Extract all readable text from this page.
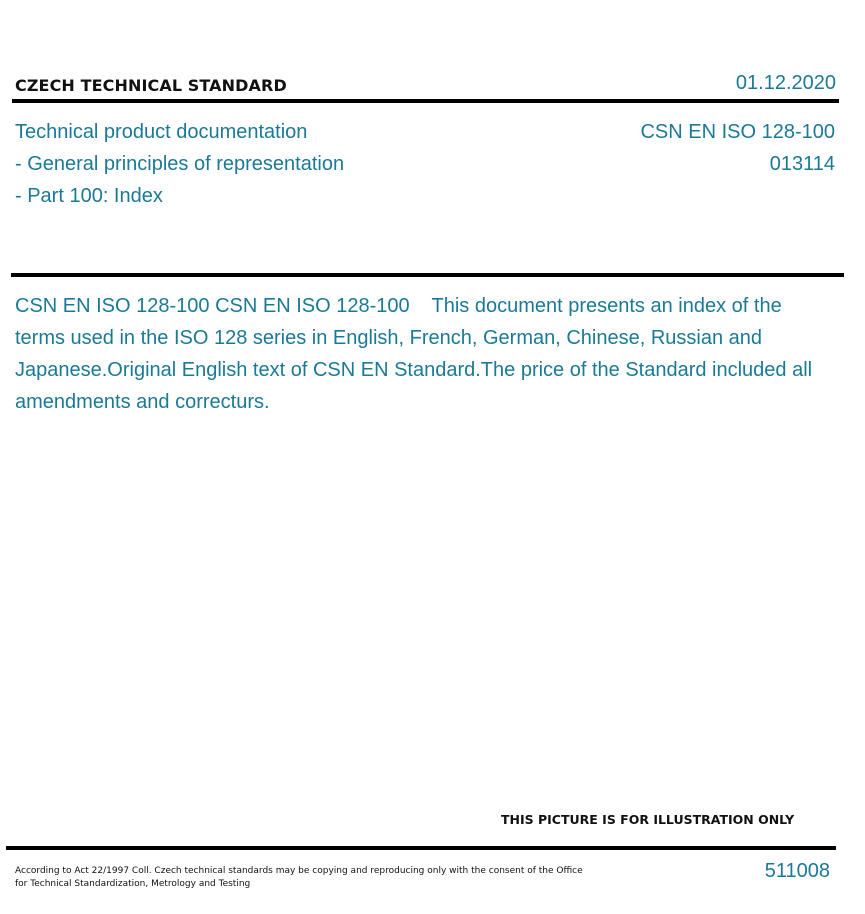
CZECH TECHNICAL STANDARD	01.12.2020
Technical product documentation
- General principles of representation
- Part 100: Index
CSN EN ISO 128-100
013114
CSN EN ISO 128-100 CSN EN ISO 128-100    This document presents an index of the terms used in the ISO 128 series in English, French, German, Chinese, Russian and Japanese.Original English text of CSN EN Standard.The price of the Standard included all amendments and correcturs.
THIS PICTURE IS FOR ILLUSTRATION ONLY
According to Act 22/1997 Coll. Czech technical standards may be copying and reproducing only with the consent of the Office
for Technical Standardization, Metrology and Testing
511008
